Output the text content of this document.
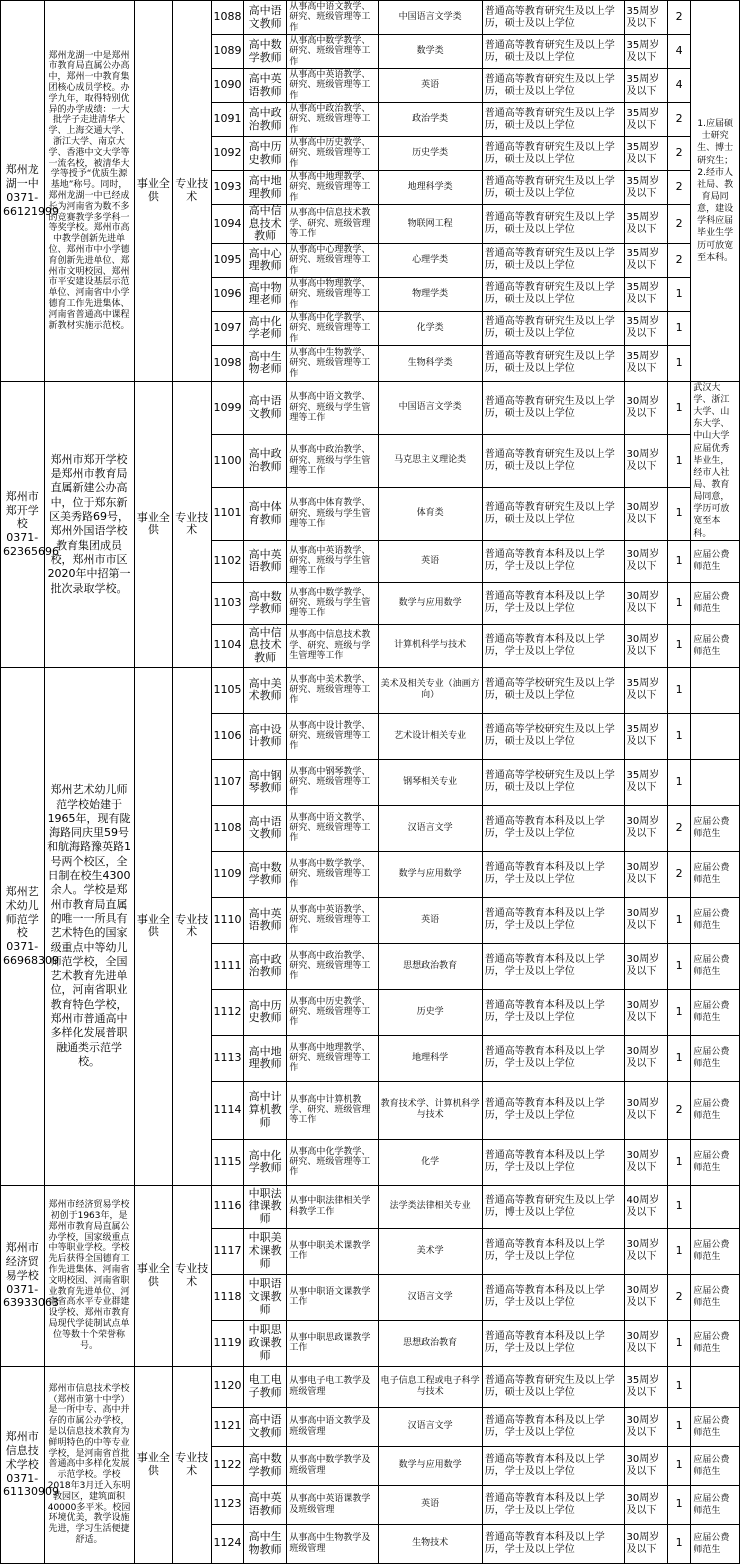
郑州龙湖一中0371-66121999	郑州龙湖一中是郑州市教育局直属公办高中，郑州一中教育集团核心成员学校。办学九年，取得特别优异的办学成绩：一大批学子走进清华大学、上海交通大学、浙江大学、南京大学、香港中文大学等一流名校，被清华大学等授予“优质生源基地”称号。同时，郑州龙湖一中已经成长为河南省为数不多的竞赛教学多学科一等奖学校。郑州市高中教学创新先进单位、郑州市中小学德育创新先进单位、郑州市文明校园、郑州市平安建设基层示范单位、河南省中小学德育工作先进集体、河南省普通高中课程新教材实施示范校。	事业全供	专业技术	1088	高中语文教师	从事高中语文教学、研究、班级管理等工作	中国语言文学类	普通高等教育研究生及以上学历，硕士及以上学位	35周岁及以下	2	1.应届硕士研究生、博士研究生；2.经市人社局、教育局同意，建设学科应届毕业生学历可放宽至本科。
				1089	高中数学教师	从事高中数学教学、研究、班级管理等工作	数学类	普通高等教育研究生及以上学历，硕士及以上学位	35周岁及以下	4	
				1090	高中英语教师	从事高中英语教学、研究、班级管理等工作	英语	普通高等教育研究生及以上学历，硕士及以上学位	35周岁及以下	4	
				1091	高中政治教师	从事高中政治教学、研究、班级管理等工作	政治学类	普通高等教育研究生及以上学历，硕士及以上学位	35周岁及以下	2	
				1092	高中历史教师	从事高中历史教学、研究、班级管理等工作	历史学类	普通高等教育研究生及以上学历，硕士及以上学位	35周岁及以下	2	
				1093	高中地理教师	从事高中地理教学、研究、班级管理等工作	地理科学类	普通高等教育研究生及以上学历，硕士及以上学位	35周岁及以下	2	
				1094	高中信息技术教师	从事高中信息技术教学、研究、班级管理等工作	物联网工程	普通高等教育研究生及以上学历，硕士及以上学位	35周岁及以下	2	
				1095	高中心理教师	从事高中心理教学、研究、班级管理等工作	心理学类	普通高等教育研究生及以上学历，硕士及以上学位	35周岁及以下	2	
				1096	高中物理老师	从事高中物理教学、研究、班级管理等工作	物理学类	普通高等教育研究生及以上学历，硕士及以上学位	35周岁及以下	1	
				1097	高中化学老师	从事高中化学教学、研究、班级管理等工作	化学类	普通高等教育研究生及以上学历，硕士及以上学位	35周岁及以下	1	
				1098	高中生物老师	从事高中生物教学、研究、班级管理等工作	生物科学类	普通高等教育研究生及以上学历，硕士及以上学位	35周岁及以下	1	
郑州市郑开学校0371-62365696	郑州市郑开学校是郑州市教育局直属新建公办高中，位于郑东新区美秀路69号，郑州外国语学校教育集团成员校，郑州市市区2020年中招第一批次录取学校。	事业全供	专业技术	1099	高中语文教师	从事高中语文教学、研究、班级与学生管理等工作	中国语言文学类	普通高等教育研究生及以上学历，硕士及以上学位	30周岁及以下	1	武汉大学、浙江大学、山东大学、中山大学应届优秀毕业生，经市人社局、教育局同意，学历可放宽至本科。
				1100	高中政治教师	从事高中政治教学、研究、班级与学生管理等工作	马克思主义理论类	普通高等教育研究生及以上学历，硕士及以上学位	30周岁及以下	1	
				1101	高中体育教师	从事高中体育教学、研究、班级与学生管理等工作	体育类	普通高等教育研究生及以上学历，硕士及以上学位	30周岁及以下	1	
				1102	高中英语教师	从事高中英语教学、研究、班级与学生管理等工作	英语	普通高等教育本科及以上学历，学士及以上学位	30周岁及以下	1	应届公费师范生
				1103	高中数学教师	从事高中数学教学、研究、班级与学生管理等工作	数学与应用数学	普通高等教育本科及以上学历，学士及以上学位	30周岁及以下	1	应届公费师范生
				1104	高中信息技术教师	从事高中信息技术教学、研究、班级与学生管理等工作	计算机科学与技术	普通高等教育本科及以上学历，学士及以上学位	30周岁及以下	1	应届公费师范生
郑州艺术幼儿师范学校0371-66968309	郑州艺术幼儿师范学校始建于1965年，现有陇海路同庆里59号和航海路豫英路1号两个校区，全日制在校生4300余人。学校是郑州市教育局直属的唯一一所具有艺术特色的国家级重点中等幼儿师范学校，全国艺术教育先进单位，河南省职业教育特色学校，郑州市普通高中多样化发展普职融通类示范学校。	事业全供	专业技术	1105	高中美术教师	从事高中美术教学、研究、班级管理等工作	美术及相关专业（油画方向）	普通高等学校研究生及以上学历，硕士及以上学位	35周岁及以下	1	
				1106	高中设计教师	从事高中设计教学、研究、班级管理等工作	艺术设计相关专业	普通高等学校研究生及以上学历，硕士及以上学位	35周岁及以下	1	
				1107	高中钢琴教师	从事高中钢琴教学、研究、班级管理等工作	钢琴相关专业	普通高等学校研究生及以上学历，硕士及以上学位	35周岁及以下	1	
				1108	高中语文教师	从事高中语文教学、研究、班级管理等工作	汉语言文学	普通高等教育本科及以上学历，学士及以上学位	30周岁及以下	2	应届公费师范生
				1109	高中数学教师	从事高中数学教学、研究、班级管理等工作	数学与应用数学	普通高等教育本科及以上学历，学士及以上学位	30周岁及以下	2	应届公费师范生
				1110	高中英语教师	从事高中英语教学、研究、班级管理等工作	英语	普通高等教育本科及以上学历，学士及以上学位	30周岁及以下	1	应届公费师范生
				1111	高中政治教师	从事高中政治教学、研究、班级管理等工作	思想政治教育	普通高等教育本科及以上学历，学士及以上学位	30周岁及以下	1	应届公费师范生
				1112	高中历史教师	从事高中历史教学、研究、班级管理等工作	历史学	普通高等教育本科及以上学历，学士及以上学位	30周岁及以下	1	应届公费师范生
				1113	高中地理教师	从事高中地理教学、研究、班级管理等工作	地理科学	普通高等教育本科及以上学历，学士及以上学位	30周岁及以下	1	应届公费师范生
				1114	高中计算机教师	从事高中计算机教学、研究、班级管理等工作	教育技术学、计算机科学与技术	普通高等教育本科及以上学历，学士及以上学位	30周岁及以下	2	应届公费师范生
				1115	高中化学教师	从事高中化学教学、研究、班级管理等工作	化学	普通高等教育本科及以上学历，学士及以上学位	30周岁及以下	1	应届公费师范生
郑州市经济贸易学校0371-63933063	郑州市经济贸易学校初创于1963年，是郑州市教育局直属公办学校，国家级重点中等职业学校。学校先后获得全国德育工作先进集体、河南省文明校园、河南省职业教育先进单位、河南省高水平专业群建设学校、郑州市教育局现代学徒制试点单位等数十个荣誉称号。	事业全供	专业技术	1116	中职法律课教师	从事中职法律相关学科教学工作	法学类法律相关专业	普通高等教育研究生及以上学历，博士及以上学位	40周岁及以下	1	
				1117	中职美术课教师	从事中职美术课教学工作	美术学	普通高等教育本科及以上学历，学士及以上学位	30周岁及以下	1	应届公费师范生
				1118	中职语文课教师	从事中职语文课教学工作	汉语言文学	普通高等教育本科及以上学历，学士及以上学位	30周岁及以下	2	应届公费师范生
				1119	中职思政课教师	从事中职思政课教学工作	思想政治教育	普通高等教育本科及以上学历，学士及以上学位	30周岁及以下	1	应届公费师范生
郑州市信息技术学校0371-61130909	郑州市信息技术学校（郑州市第十中学）是一所中专、高中并存的市属公办学校，是以信息技术教育为鲜明特色的中等专业学校，是河南省首批普通高中多样化发展示范学校。学校2018年3月迁入东明教园区，建筑面积40000多平米。校园环境优美，教学设施先进，学习生活便捷舒适。	事业全供	专业技术	1120	电工电子教师	从事电子电工教学及班级管理	电子信息工程或电子科学与技术	普通高等教育研究生及以上学历，硕士及以上学位	35周岁及以下	1	
				1121	高中语文教师	从事高中语文教学及班级管理	汉语言文学	普通高等教育本科及以上学历，学士及以上学位	30周岁及以下	1	应届公费师范生
				1122	高中数学教师	从事高中数学教学及班级管理	数学与应用数学	普通高等教育本科及以上学历，学士及以上学位	30周岁及以下	1	应届公费师范生
				1123	高中英语教师	从事高中英语课教学及班级管理	英语	普通高等教育本科及以上学历，学士及以上学位	30周岁及以下	1	应届公费师范生
				1124	高中生物教师	从事高中生物教学及班级管理	生物技术	普通高等教育本科及以上学历，学士及以上学位	30周岁及以下	1	应届公费师范生
